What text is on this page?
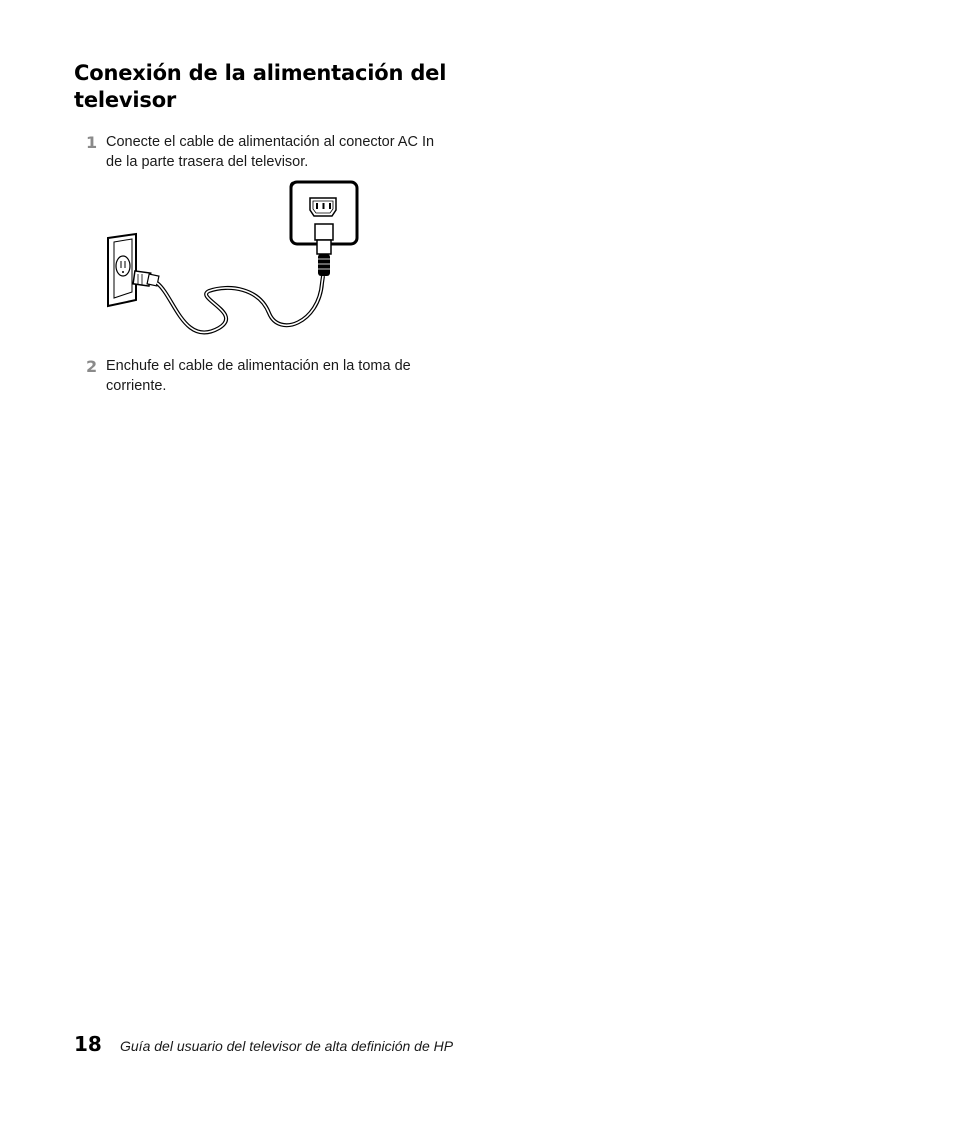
Conexión de la alimentación del televisor
1 Conecte el cable de alimentación al conector AC In de la parte trasera del televisor.
2 Enchufe el cable de alimentación en la toma de corriente.
18 Guía del usuario del televisor de alta definición de HP
